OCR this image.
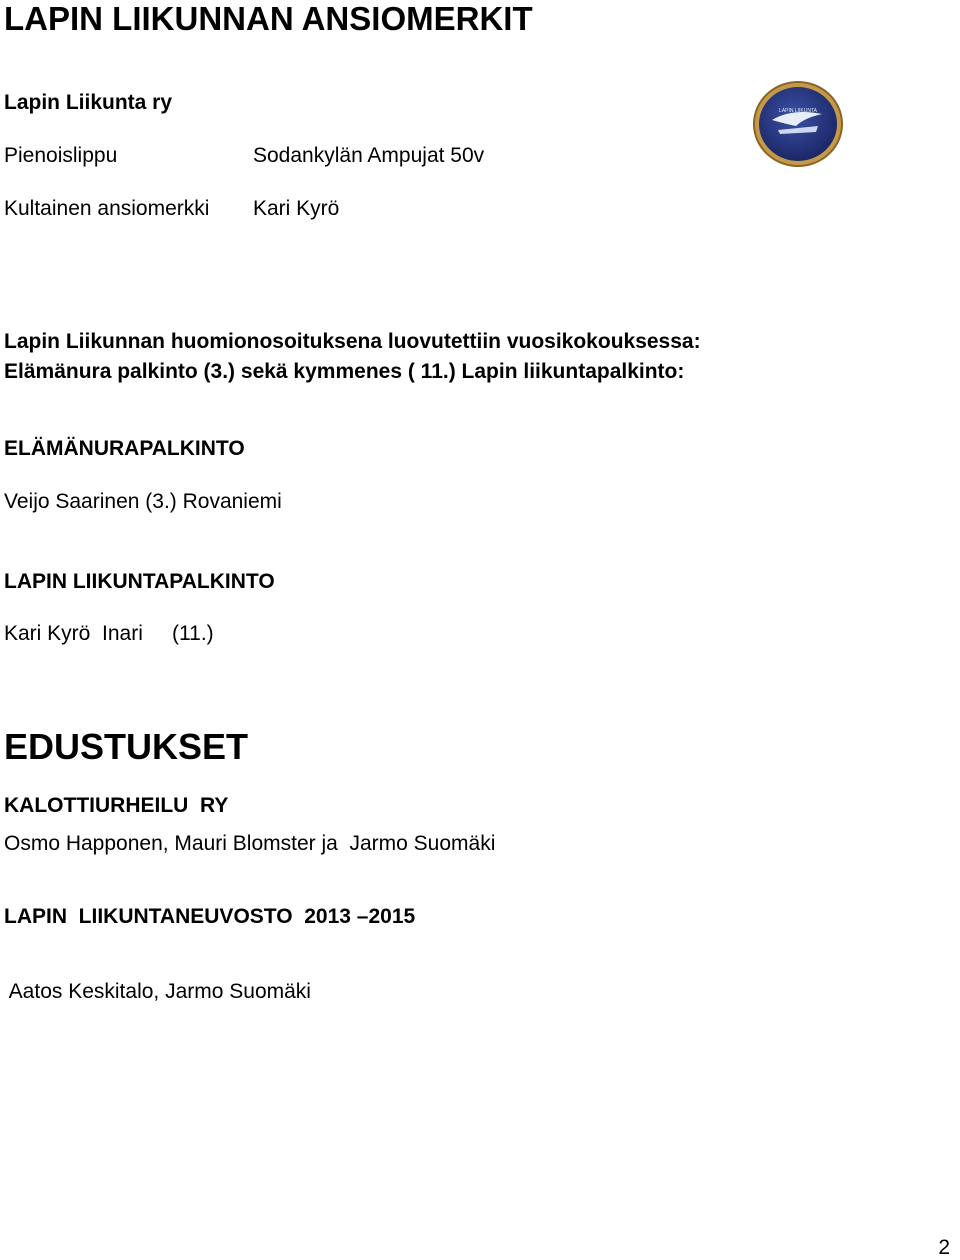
LAPIN LIIKUNNAN ANSIOMERKIT
Lapin Liikunta ry
Pienoislippu	Sodankylän Ampujat 50v
Kultainen ansiomerkki Kari Kyrö
LAPIN LIIKUNTA
Lapin Liikunnan huomionosoituksena luovutettiin vuosikokouksessa:
Elämänura palkinto (3.) sekä kymmenes ( 11.) Lapin liikuntapalkinto:
ELÄMÄNURAPALKINTO
Veijo Saarinen (3.) Rovaniemi
LAPIN LIIKUNTAPALKINTO
Kari Kyrö  Inari     (11.)
EDUSTUKSET
KALOTTIURHEILU  RY
Osmo Happonen, Mauri Blomster ja  Jarmo Suomäki
LAPIN  LIIKUNTANEUVOSTO  2013 –2015
Aatos Keskitalo, Jarmo Suomäki
2
